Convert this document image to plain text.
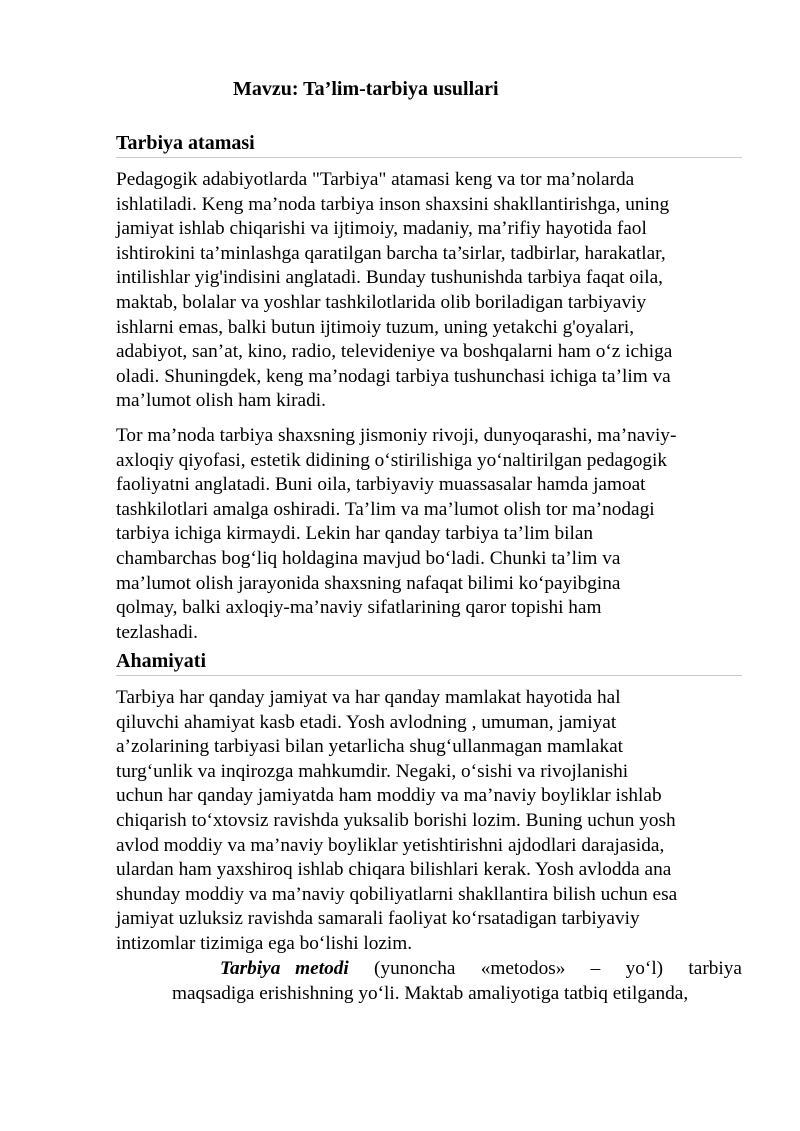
Mavzu: Ta’lim-tarbiya usullari
Tarbiya atamasi

Pedagogik adabiyotlarda "Tarbiya" atamasi keng va tor ma’nolarda
ishlatiladi. Keng ma’noda tarbiya inson shaxsini shakllantirishga, uning
jamiyat ishlab chiqarishi va ijtimoiy, madaniy, ma’rifiy hayotida faol
ishtirokini ta’minlashga qaratilgan barcha ta’sirlar, tadbirlar, harakatlar,
intilishlar yig'indisini anglatadi. Bunday tushunishda tarbiya faqat oila,
maktab, bolalar va yoshlar tashkilotlarida olib boriladigan tarbiyaviy
ishlarni emas, balki butun ijtimoiy tuzum, uning yetakchi g'oyalari,
adabiyot, san’at, kino, radio, televideniye va boshqalarni ham o‘z ichiga
oladi. Shuningdek, keng ma’nodagi tarbiya tushunchasi ichiga ta’lim va
ma’lumot olish ham kiradi.

Tor ma’noda tarbiya shaxsning jismoniy rivoji, dunyoqarashi, ma’naviy-
axloqiy qiyofasi, estetik didining o‘stirilishiga yo‘naltirilgan pedagogik
faoliyatni anglatadi. Buni oila, tarbiyaviy muassasalar hamda jamoat
tashkilotlari amalga oshiradi. Ta’lim va ma’lumot olish tor ma’nodagi
tarbiya ichiga kirmaydi. Lekin har qanday tarbiya ta’lim bilan
chambarchas bog‘liq holdagina mavjud bo‘ladi. Chunki ta’lim va
ma’lumot olish jarayonida shaxsning nafaqat bilimi ko‘payibgina
qolmay, balki axloqiy-ma’naviy sifatlarining qaror topishi ham
tezlashadi.

Ahamiyati

Tarbiya har qanday jamiyat va har qanday mamlakat hayotida hal
qiluvchi ahamiyat kasb etadi. Yosh avlodning , umuman, jamiyat
a’zolarining tarbiyasi bilan yetarlicha shug‘ullanmagan mamlakat
turg‘unlik va inqirozga mahkumdir. Negaki, o‘sishi va rivojlanishi
uchun har qanday jamiyatda ham moddiy va ma’naviy boyliklar ishlab
chiqarish to‘xtovsiz ravishda yuksalib borishi lozim. Buning uchun yosh
avlod moddiy va ma’naviy boyliklar yetishtirishni ajdodlari darajasida,
ulardan ham yaxshiroq ishlab chiqara bilishlari kerak. Yosh avlodda ana
shunday moddiy va ma’naviy qobiliyatlarni shakllantira bilish uchun esa
jamiyat uzluksiz ravishda samarali faoliyat ko‘rsatadigan tarbiyaviy
intizomlar tizimiga ega bo‘lishi lozim.

Tarbiya metodi (yunoncha «metodos» – yo‘l) tarbiya
maqsadiga erishishning yo‘li. Maktab amaliyotiga tatbiq etilganda,
